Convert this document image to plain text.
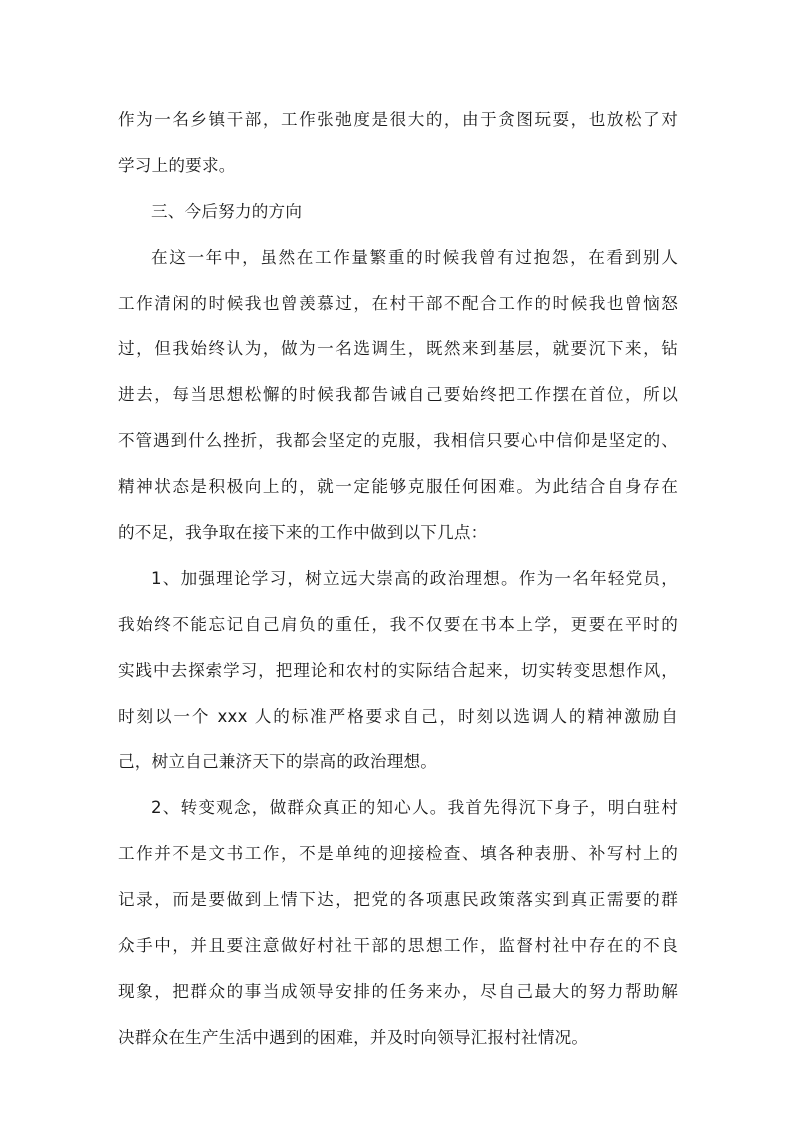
作为一名乡镇干部，工作张弛度是很大的，由于贪图玩耍，也放松了对
学习上的要求。
三、今后努力的方向
在这一年中，虽然在工作量繁重的时候我曾有过抱怨，在看到别人
工作清闲的时候我也曾羡慕过，在村干部不配合工作的时候我也曾恼怒
过，但我始终认为，做为一名选调生，既然来到基层，就要沉下来，钻
进去，每当思想松懈的时候我都告诫自己要始终把工作摆在首位，所以
不管遇到什么挫折，我都会坚定的克服，我相信只要心中信仰是坚定的、
精神状态是积极向上的，就一定能够克服任何困难。为此结合自身存在
的不足，我争取在接下来的工作中做到以下几点：
1、加强理论学习，树立远大崇高的政治理想。作为一名年轻党员，
我始终不能忘记自己肩负的重任，我不仅要在书本上学，更要在平时的
实践中去探索学习，把理论和农村的实际结合起来，切实转变思想作风，
时刻以一个 xxx 人的标准严格要求自己，时刻以选调人的精神激励自
己，树立自己兼济天下的崇高的政治理想。
2、转变观念，做群众真正的知心人。我首先得沉下身子，明白驻村
工作并不是文书工作，不是单纯的迎接检查、填各种表册、补写村上的
记录，而是要做到上情下达，把党的各项惠民政策落实到真正需要的群
众手中，并且要注意做好村社干部的思想工作，监督村社中存在的不良
现象，把群众的事当成领导安排的任务来办，尽自己最大的努力帮助解
决群众在生产生活中遇到的困难，并及时向领导汇报村社情况。
